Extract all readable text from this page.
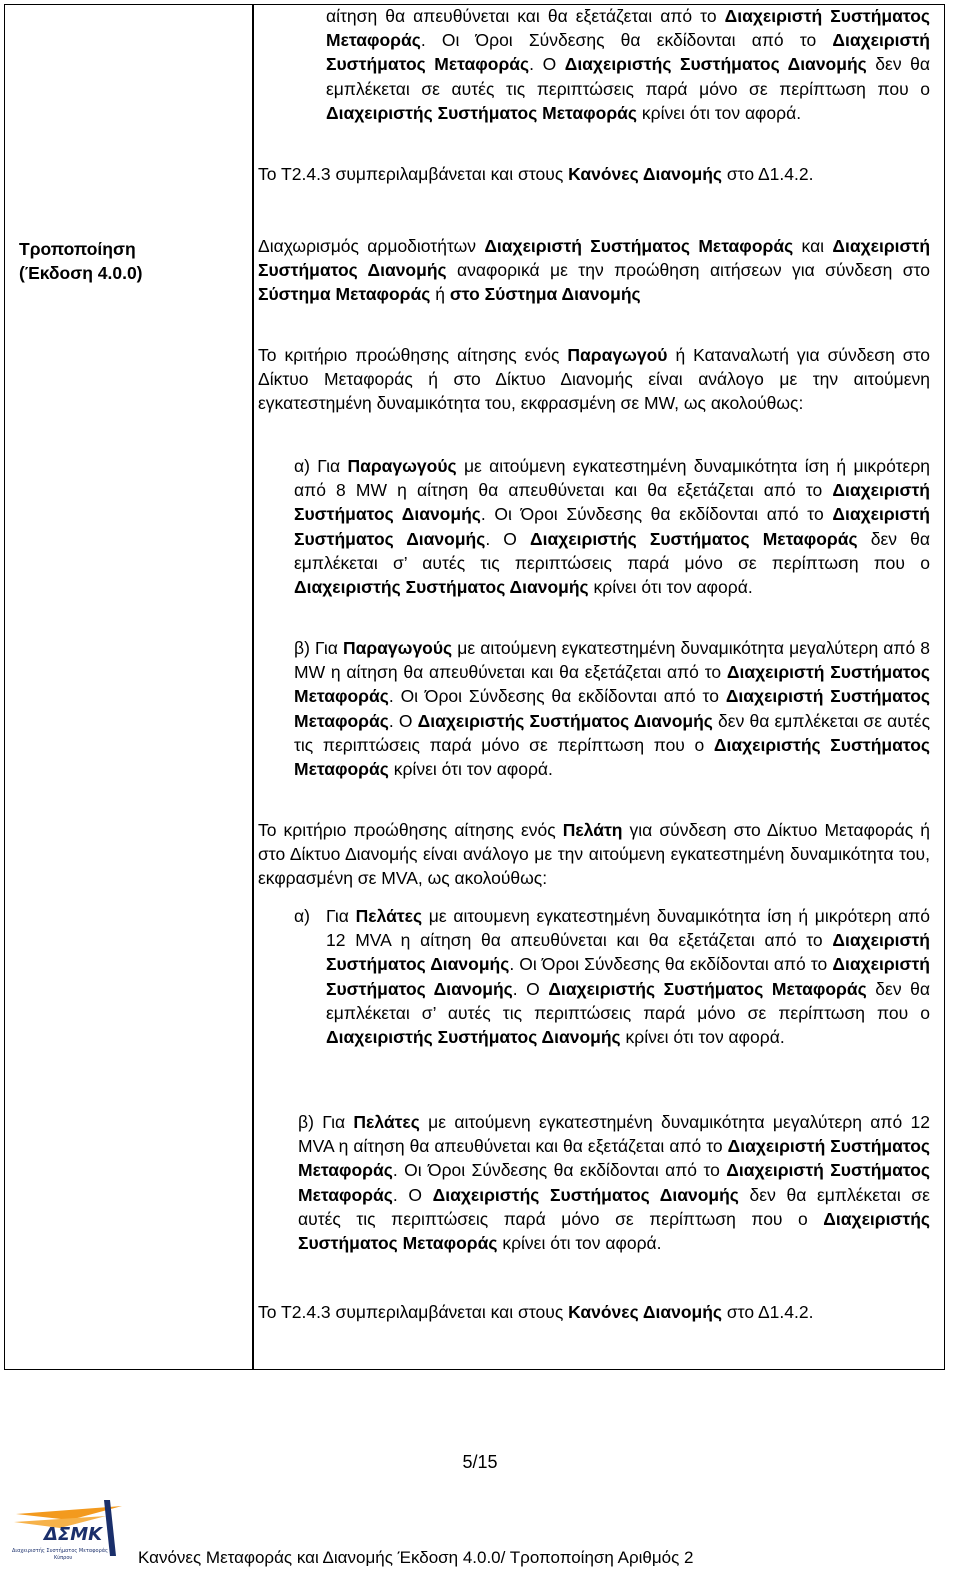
Τροποποίηση
(Έκδοση 4.0.0)
αίτηση θα απευθύνεται και θα εξετάζεται από το Διαχειριστή Συστήματος Μεταφοράς. Οι Όροι Σύνδεσης θα εκδίδονται από το Διαχειριστή Συστήματος Μεταφοράς. Ο Διαχειριστής Συστήματος Διανομής δεν θα εμπλέκεται σε αυτές τις περιπτώσεις παρά μόνο σε περίπτωση που ο Διαχειριστής Συστήματος Μεταφοράς κρίνει ότι τον αφορά.
Το Τ2.4.3 συμπεριλαμβάνεται και στους Κανόνες Διανομής στο Δ1.4.2.
Διαχωρισμός αρμοδιοτήτων Διαχειριστή Συστήματος Μεταφοράς και Διαχειριστή Συστήματος Διανομής αναφορικά με την προώθηση αιτήσεων για σύνδεση στο Σύστημα Μεταφοράς ή στο Σύστημα Διανομής
Το κριτήριο προώθησης αίτησης ενός Παραγωγού ή Καταναλωτή για σύνδεση στο Δίκτυο Μεταφοράς ή στο Δίκτυο Διανομής είναι ανάλογο με την αιτούμενη εγκατεστημένη δυναμικότητα του, εκφρασμένη σε MW, ως ακολούθως:
α) Για Παραγωγούς με αιτούμενη εγκατεστημένη δυναμικότητα ίση ή μικρότερη από 8 MW η αίτηση θα απευθύνεται και θα εξετάζεται από το Διαχειριστή Συστήματος Διανομής. Οι Όροι Σύνδεσης θα εκδίδονται από το Διαχειριστή Συστήματος Διανομής. Ο Διαχειριστής Συστήματος Μεταφοράς δεν θα εμπλέκεται σ’ αυτές τις περιπτώσεις παρά μόνο σε περίπτωση που ο Διαχειριστής Συστήματος Διανομής κρίνει ότι τον αφορά.
β) Για Παραγωγούς με αιτούμενη εγκατεστημένη δυναμικότητα μεγαλύτερη από 8 MW η αίτηση θα απευθύνεται και θα εξετάζεται από το Διαχειριστή Συστήματος Μεταφοράς. Οι Όροι Σύνδεσης θα εκδίδονται από το Διαχειριστή Συστήματος Μεταφοράς. Ο Διαχειριστής Συστήματος Διανομής δεν θα εμπλέκεται σε αυτές τις περιπτώσεις παρά μόνο σε περίπτωση που ο Διαχειριστής Συστήματος Μεταφοράς κρίνει ότι τον αφορά.
Το κριτήριο προώθησης αίτησης ενός Πελάτη για σύνδεση στο Δίκτυο Μεταφοράς ή στο Δίκτυο Διανομής είναι ανάλογο με την αιτούμενη εγκατεστημένη δυναμικότητα του, εκφρασμένη σε MVA, ως ακολούθως:
α) Για Πελάτες με αιτουμενη εγκατεστημένη δυναμικότητα ίση ή μικρότερη από 12 MVA η αίτηση θα απευθύνεται και θα εξετάζεται από το Διαχειριστή Συστήματος Διανομής. Οι Όροι Σύνδεσης θα εκδίδονται από το Διαχειριστή Συστήματος Διανομής. Ο Διαχειριστής Συστήματος Μεταφοράς δεν θα εμπλέκεται σ’ αυτές τις περιπτώσεις παρά μόνο σε περίπτωση που ο Διαχειριστής Συστήματος Διανομής κρίνει ότι τον αφορά.
β) Για Πελάτες με αιτούμενη εγκατεστημένη δυναμικότητα μεγαλύτερη από 12 MVA η αίτηση θα απευθύνεται και θα εξετάζεται από το Διαχειριστή Συστήματος Μεταφοράς. Οι Όροι Σύνδεσης θα εκδίδονται από το Διαχειριστή Συστήματος Μεταφοράς. Ο Διαχειριστής Συστήματος Διανομής δεν θα εμπλέκεται σε αυτές τις περιπτώσεις παρά μόνο σε περίπτωση που ο Διαχειριστής Συστήματος Μεταφοράς κρίνει ότι τον αφορά.
Το Τ2.4.3 συμπεριλαμβάνεται και στους Κανόνες Διανομής στο Δ1.4.2.
5/15
ΔΣΜΚ
Διαχειριστής Συστήματος Μεταφοράς
Κύπρου	Κανόνες Μεταφοράς και Διανομής Έκδοση 4.0.0/ Τροποποίηση Αριθμός 2
